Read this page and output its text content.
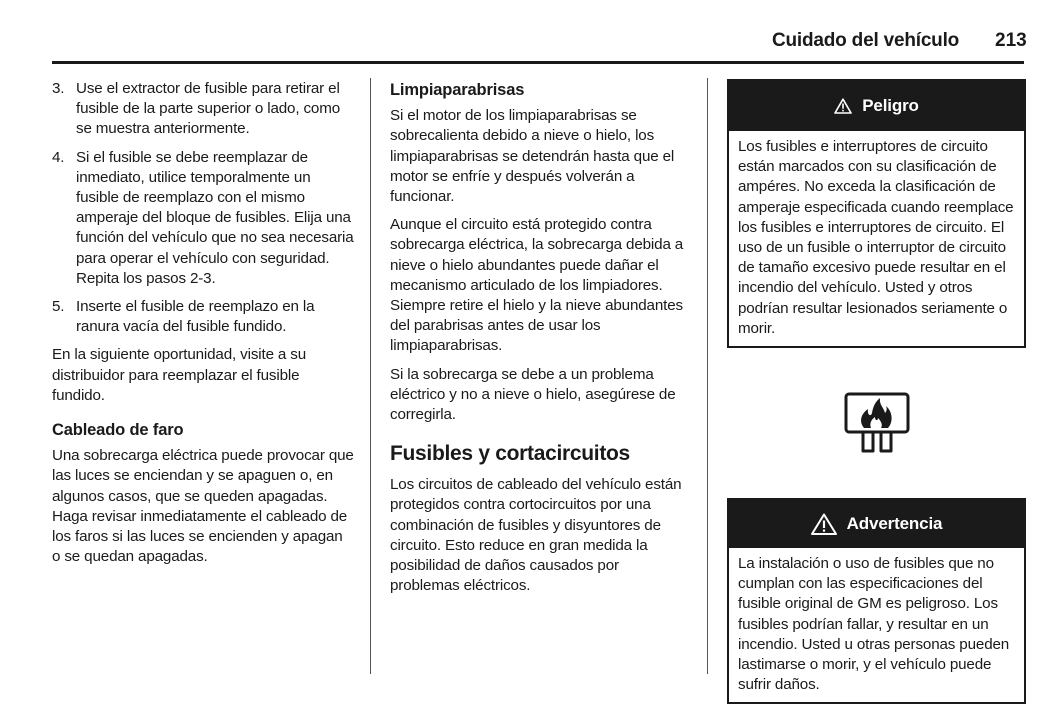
Cuidado del vehículo 213
3. Use el extractor de fusible para retirar el fusible de la parte superior o lado, como se muestra anteriormente.
4. Si el fusible se debe reemplazar de inmediato, utilice temporalmente un fusible de reemplazo con el mismo amperaje del bloque de fusibles. Elija una función del vehículo que no sea necesaria para operar el vehículo con seguridad. Repita los pasos 2-3.
5. Inserte el fusible de reemplazo en la ranura vacía del fusible fundido.

En la siguiente oportunidad, visite a su distribuidor para reemplazar el fusible fundido.

Cableado de faro

Una sobrecarga eléctrica puede provocar que las luces se enciendan y se apaguen o, en algunos casos, que se queden apagadas. Haga revisar inmediatamente el cableado de los faros si las luces se encienden y apagan o se quedan apagadas.

Limpiaparabrisas

Si el motor de los limpiaparabrisas se sobrecalienta debido a nieve o hielo, los limpiaparabrisas se detendrán hasta que el motor se enfríe y después volverán a funcionar.

Aunque el circuito está protegido contra sobrecarga eléctrica, la sobrecarga debida a nieve o hielo abundantes puede dañar el mecanismo articulado de los limpiadores. Siempre retire el hielo y la nieve abundantes del parabrisas antes de usar los limpiaparabrisas.

Si la sobrecarga se debe a un problema eléctrico y no a nieve o hielo, asegúrese de corregirla.

Fusibles y cortacircuitos

Los circuitos de cableado del vehículo están protegidos contra cortocircuitos por una combinación de fusibles y disyuntores de circuito. Esto reduce en gran medida la posibilidad de daños causados por problemas eléctricos.

Peligro
Los fusibles e interruptores de circuito están marcados con su clasificación de ampéres. No exceda la clasificación de amperaje especificada cuando reemplace los fusibles e interruptores de circuito. El uso de un fusible o interruptor de circuito de tamaño excesivo puede resultar en el incendio del vehículo. Usted y otros podrían resultar lesionados seriamente o morir.
Advertencia
La instalación o uso de fusibles que no cumplan con las especificaciones del fusible original de GM es peligroso. Los fusibles podrían fallar, y resultar en un incendio. Usted u otras personas pueden lastimarse o morir, y el vehículo puede sufrir daños.
